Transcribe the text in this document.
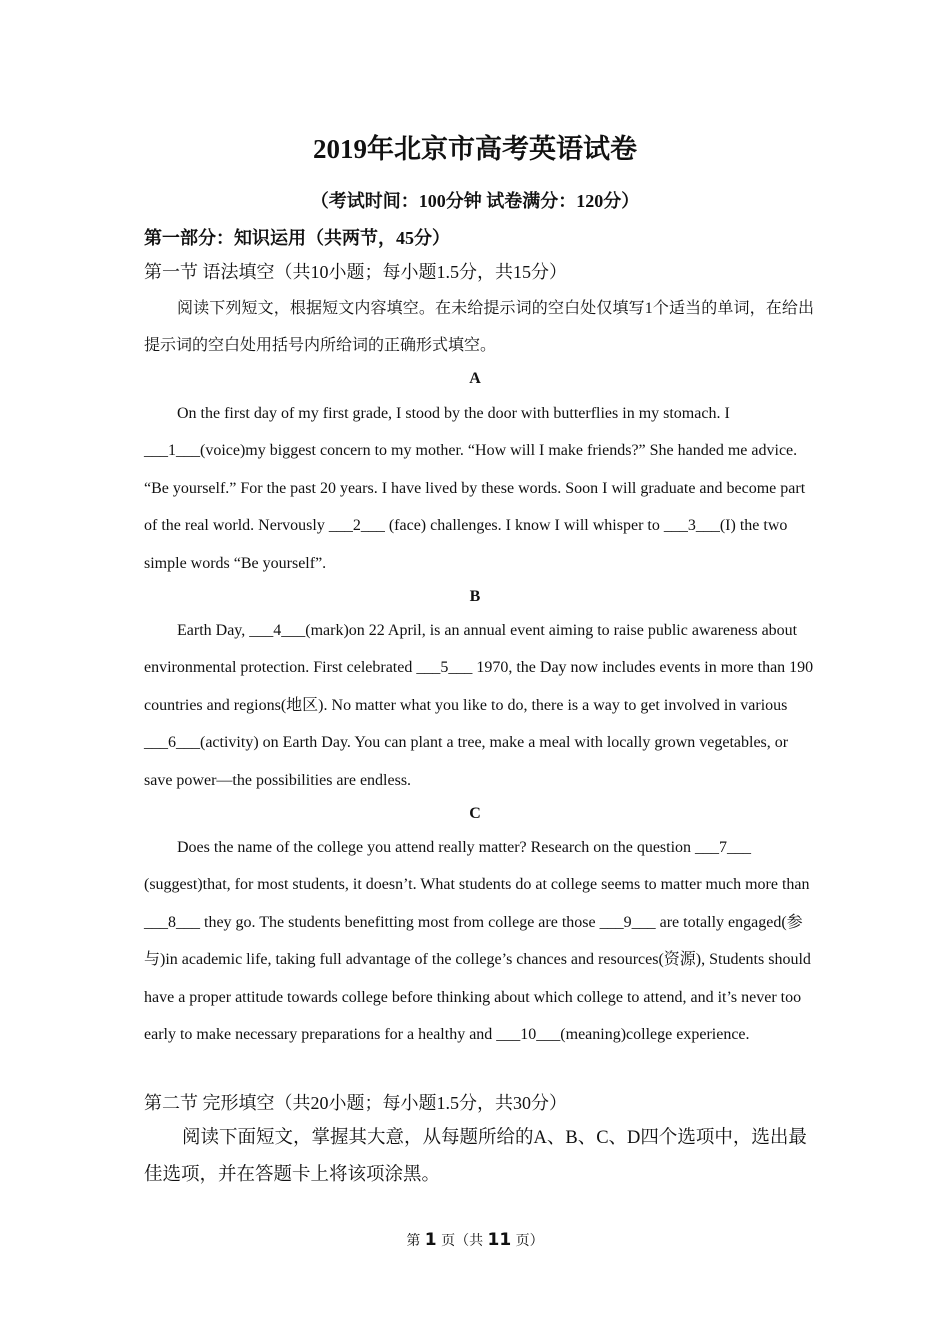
2019年北京市高考英语试卷
（考试时间：100分钟 试卷满分：120分）
第一部分：知识运用（共两节，45分）
第一节 语法填空（共10小题；每小题1.5分，共15分）
阅读下列短文，根据短文内容填空。在未给提示词的空白处仅填写1个适当的单词，在给出提示词的空白处用括号内所给词的正确形式填空。
A
On the first day of my first grade, I stood by the door with butterflies in my stomach. I ___1___(voice)my biggest concern to my mother. “How will I make friends?” She handed me advice. “Be yourself.” For the past 20 years. I have lived by these words. Soon I will graduate and become part of the real world. Nervously ___2___ (face) challenges. I know I will whisper to ___3___(I) the two simple words “Be yourself”.
B
Earth Day, ___4___(mark)on 22 April, is an annual event aiming to raise public awareness about environmental protection. First celebrated ___5___ 1970, the Day now includes events in more than 190 countries and regions(地区). No matter what you like to do, there is a way to get involved in various ___6___(activity) on Earth Day. You can plant a tree, make a meal with locally grown vegetables, or save power—the possibilities are endless.
C
Does the name of the college you attend really matter? Research on the question ___7___ (suggest)that, for most students, it doesn’t. What students do at college seems to matter much more than ___8___ they go. The students benefitting most from college are those ___9___ are totally engaged(参与)in academic life, taking full advantage of the college’s chances and resources(资源), Students should have a proper attitude towards college before thinking about which college to attend, and it’s never too early to make necessary preparations for a healthy and ___10___(meaning)college experience.
第二节 完形填空（共20小题；每小题1.5分，共30分）
阅读下面短文，掌握其大意，从每题所给的A、B、C、D四个选项中，选出最佳选项，并在答题卡上将该项涂黑。
第 1 页（共 11 页）
